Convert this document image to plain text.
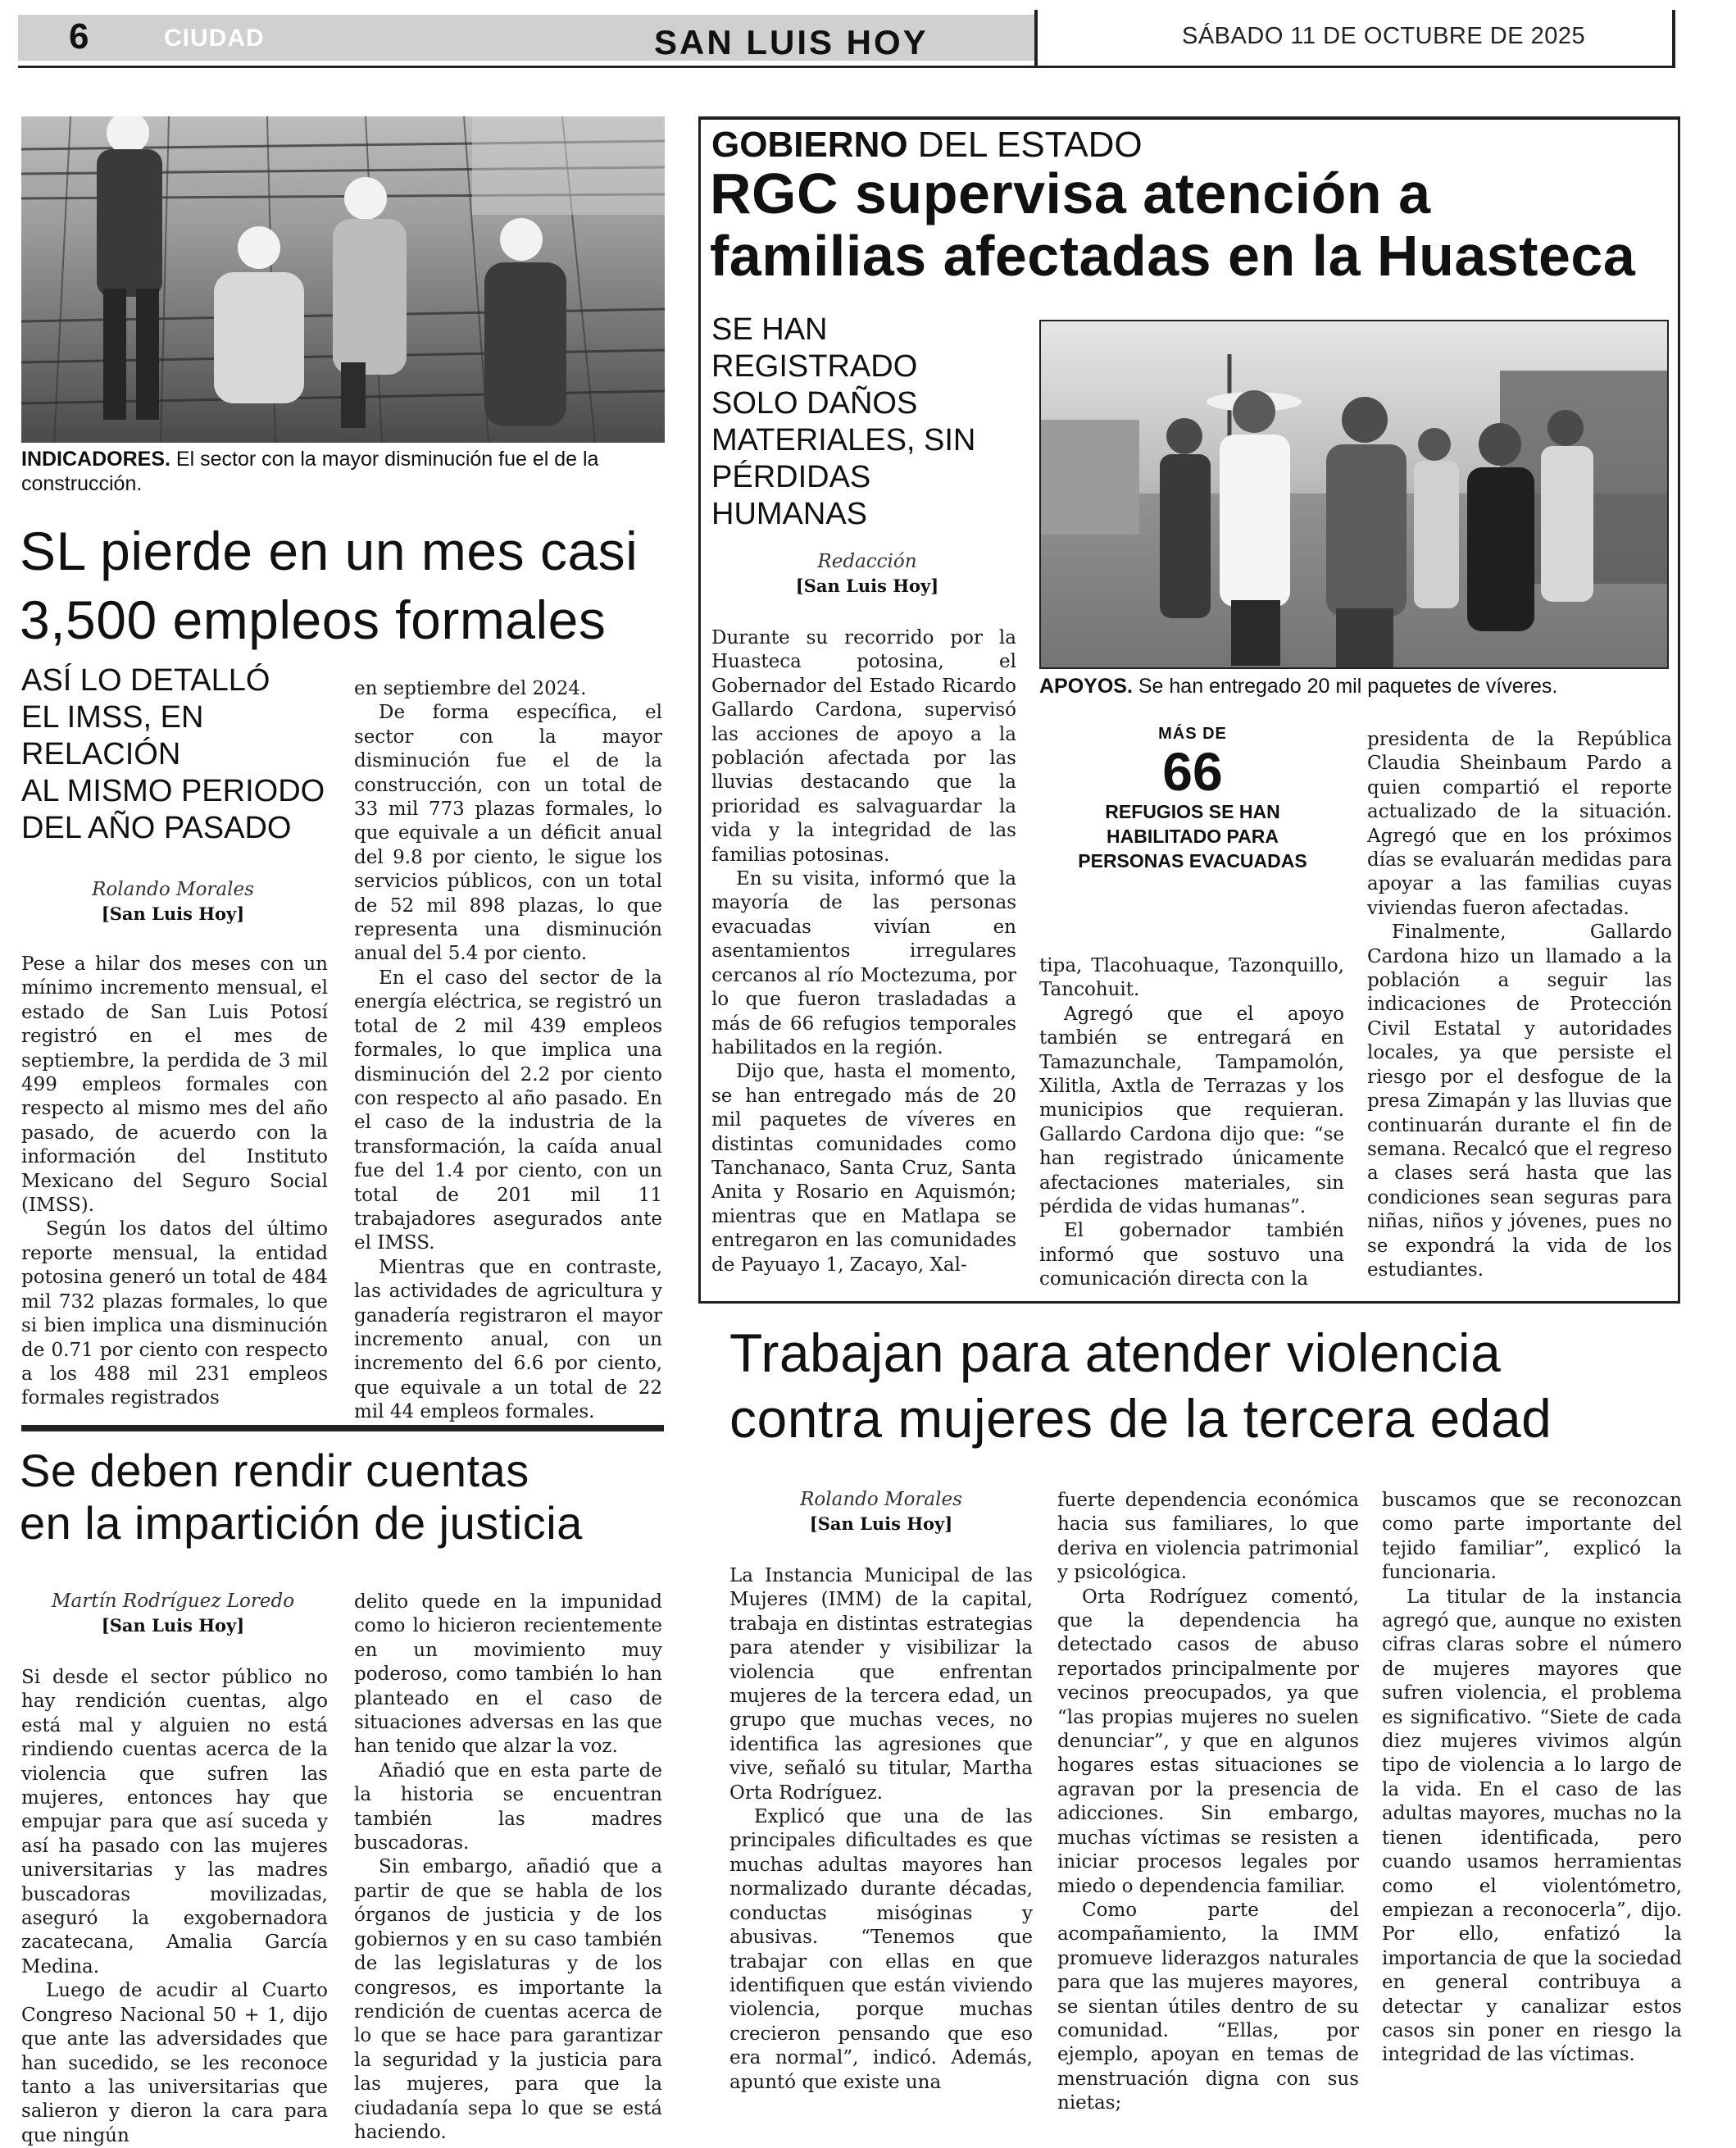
6	CIUDAD	SAN LUIS HOY	SÁBADO 11 DE OCTUBRE DE 2025
INDICADORES. El sector con la mayor disminución fue el de la construcción.
SL pierde en un mes casi
3,500 empleos formales
ASÍ LO DETALLÓ
EL IMSS, EN
RELACIÓN
AL MISMO PERIODO
DEL AÑO PASADO
Rolando Morales
[San Luis Hoy]

Pese a hilar dos meses con un mínimo incremento mensual, el estado de San Luis Potosí registró en el mes de septiembre, la perdida de 3 mil 499 empleos formales con respecto al mismo mes del año pasado, de acuerdo con la información del Instituto Mexicano del Seguro Social (IMSS).

Según los datos del último reporte mensual, la entidad potosina generó un total de 484 mil 732 plazas formales, lo que si bien implica una disminución de 0.71 por ciento con respecto a los 488 mil 231 empleos formales registrados

en septiembre del 2024.

De forma específica, el sector con la mayor disminución fue el de la construcción, con un total de 33 mil 773 plazas formales, lo que equivale a un déficit anual del 9.8 por ciento, le sigue los servicios públicos, con un total de 52 mil 898 plazas, lo que representa una disminución anual del 5.4 por ciento.

En el caso del sector de la energía eléctrica, se registró un total de 2 mil 439 empleos formales, lo que implica una disminución del 2.2 por ciento con respecto al año pasado. En el caso de la industria de la transformación, la caída anual fue del 1.4 por ciento, con un total de 201 mil 11 trabajadores asegurados ante el IMSS.

Mientras que en contraste, las actividades de agricultura y ganadería registraron el mayor incremento anual, con un incremento del 6.6 por ciento, que equivale a un total de 22 mil 44 empleos formales.

Se deben rendir cuentas
en la impartición de justicia
Martín Rodríguez Loredo
[San Luis Hoy]

Si desde el sector público no hay rendición cuentas, algo está mal y alguien no está rindiendo cuentas acerca de la violencia que sufren las mujeres, entonces hay que empujar para que así suceda y así ha pasado con las mujeres universitarias y las madres buscadoras movilizadas, aseguró la exgobernadora zacatecana, Amalia García Medina.

Luego de acudir al Cuarto Congreso Nacional 50 + 1, dijo que ante las adversidades que han sucedido, se les reconoce tanto a las universitarias que salieron y dieron la cara para que ningún

delito quede en la impunidad como lo hicieron recientemente en un movimiento muy poderoso, como también lo han planteado en el caso de situaciones adversas en las que han tenido que alzar la voz.

Añadió que en esta parte de la historia se encuentran también las madres buscadoras.

Sin embargo, añadió que a partir de que se habla de los órganos de justicia y de los gobiernos y en su caso también de las legislaturas y de los congresos, es importante la rendición de cuentas acerca de lo que se hace para garantizar la seguridad y la justicia para las mujeres, para que la ciudadanía sepa lo que se está haciendo.

GOBIERNO DEL ESTADO
RGC supervisa atención a
familias afectadas en la Huasteca
SE HAN
REGISTRADO
SOLO DAÑOS
MATERIALES, SIN
PÉRDIDAS
HUMANAS
Redacción
[San Luis Hoy]
APOYOS. Se han entregado 20 mil paquetes de víveres.
MÁS DE
66
REFUGIOS SE HAN HABILITADO PARA PERSONAS EVACUADAS

Durante su recorrido por la Huasteca potosina, el Gobernador del Estado Ricardo Gallardo Cardona, supervisó las acciones de apoyo a la población afectada por las lluvias destacando que la prioridad es salvaguardar la vida y la integridad de las familias potosinas.

En su visita, informó que la mayoría de las personas evacuadas vivían en asentamientos irregulares cercanos al río Moctezuma, por lo que fueron trasladadas a más de 66 refugios temporales habilitados en la región.

Dijo que, hasta el momento, se han entregado más de 20 mil paquetes de víveres en distintas comunidades como Tanchanaco, Santa Cruz, Santa Anita y Rosario en Aquismón; mientras que en Matlapa se entregaron en las comunidades de Payuayo 1, Zacayo, Xal-

tipa, Tlacohuaque, Tazonquillo, Tancohuit.

Agregó que el apoyo también se entregará en Tamazunchale, Tampamolón, Xilitla, Axtla de Terrazas y los municipios que requieran. Gallardo Cardona dijo que: “se han registrado únicamente afectaciones materiales, sin pérdida de vidas humanas”.

El gobernador también informó que sostuvo una comunicación directa con la

presidenta de la República Claudia Sheinbaum Pardo a quien compartió el reporte actualizado de la situación. Agregó que en los próximos días se evaluarán medidas para apoyar a las familias cuyas viviendas fueron afectadas.

Finalmente, Gallardo Cardona hizo un llamado a la población a seguir las indicaciones de Protección Civil Estatal y autoridades locales, ya que persiste el riesgo por el desfogue de la presa Zimapán y las lluvias que continuarán durante el fin de semana. Recalcó que el regreso a clases será hasta que las condiciones sean seguras para niñas, niños y jóvenes, pues no se expondrá la vida de los estudiantes.

Trabajan para atender violencia
contra mujeres de la tercera edad
Rolando Morales
[San Luis Hoy]

La Instancia Municipal de las Mujeres (IMM) de la capital, trabaja en distintas estrategias para atender y visibilizar la violencia que enfrentan mujeres de la tercera edad, un grupo que muchas veces, no identifica las agresiones que vive, señaló su titular, Martha Orta Rodríguez.

Explicó que una de las principales dificultades es que muchas adultas mayores han normalizado durante décadas, conductas misóginas y abusivas. “Tenemos que trabajar con ellas en que identifiquen que están viviendo violencia, porque muchas crecieron pensando que eso era normal”, indicó. Además, apuntó que existe una

fuerte dependencia económica hacia sus familiares, lo que deriva en violencia patrimonial y psicológica.

Orta Rodríguez comentó, que la dependencia ha detectado casos de abuso reportados principalmente por vecinos preocupados, ya que “las propias mujeres no suelen denunciar”, y que en algunos hogares estas situaciones se agravan por la presencia de adicciones. Sin embargo, muchas víctimas se resisten a iniciar procesos legales por miedo o dependencia familiar.

Como parte del acompañamiento, la IMM promueve liderazgos naturales para que las mujeres mayores, se sientan útiles dentro de su comunidad. “Ellas, por ejemplo, apoyan en temas de menstruación digna con sus nietas;

buscamos que se reconozcan como parte importante del tejido familiar”, explicó la funcionaria.

La titular de la instancia agregó que, aunque no existen cifras claras sobre el número de mujeres mayores que sufren violencia, el problema es significativo. “Siete de cada diez mujeres vivimos algún tipo de violencia a lo largo de la vida. En el caso de las adultas mayores, muchas no la tienen identificada, pero cuando usamos herramientas como el violentómetro, empiezan a reconocerla”, dijo. Por ello, enfatizó la importancia de que la sociedad en general contribuya a detectar y canalizar estos casos sin poner en riesgo la integridad de las víctimas.
